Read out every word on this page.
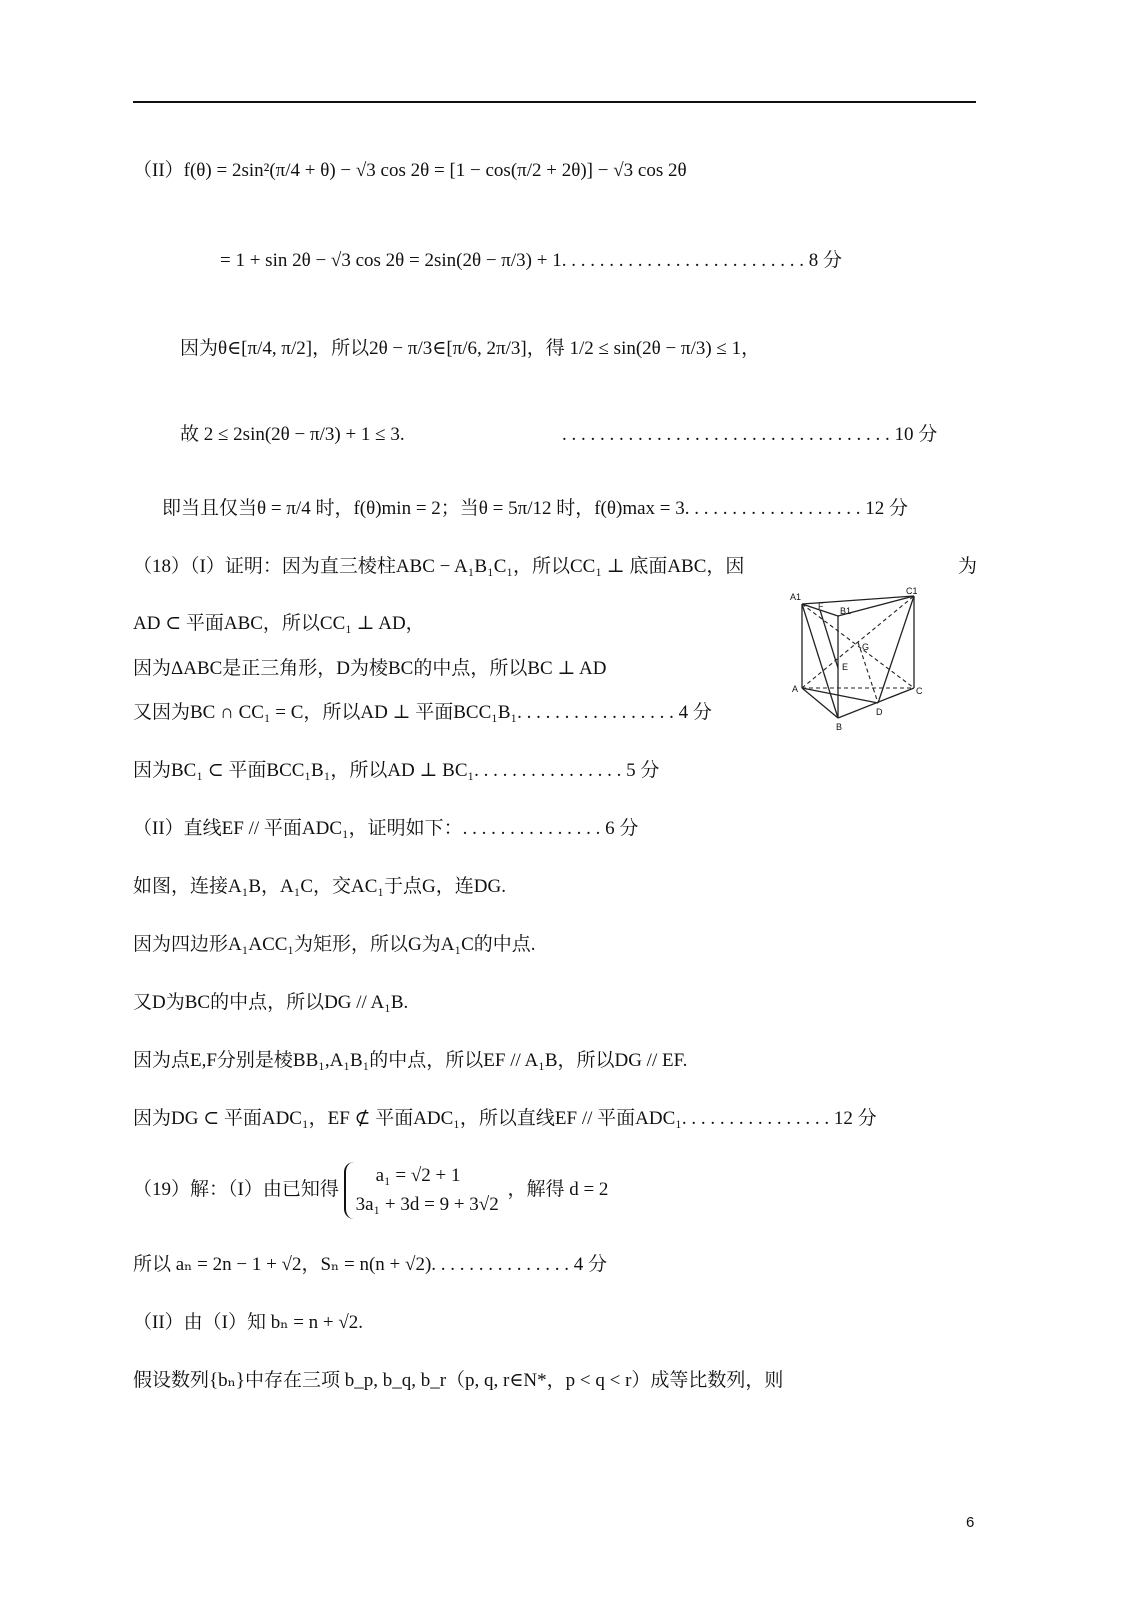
（II）f(θ) = 2sin²(π/4 + θ) − √3 cos 2θ = [1 − cos(π/2 + 2θ)] − √3 cos 2θ
= 1 + sin 2θ − √3 cos 2θ = 2sin(2θ − π/3) + 1. . . . . . . . . . . . . . . . . . . . . . . . . . 8 分
因为θ∈[π/4, π/2]，所以2θ − π/3∈[π/6, 2π/3]，得 1/2 ≤ sin(2θ − π/3) ≤ 1，
故 2 ≤ 2sin(2θ − π/3) + 1 ≤ 3.	. . . . . . . . . . . . . . . . . . . . . . . . . . . . . . . . . . . 10 分
即当且仅当θ = π/4 时，f(θ)min = 2；当θ = 5π/12 时，f(θ)max = 3. . . . . . . . . . . . . . . . . . . 12 分
（18）（I）证明：因为直三棱柱ABC − A₁B₁C₁，所以CC₁ ⊥ 底面ABC，因	为
AD ⊂ 平面ABC，所以CC₁ ⊥ AD，
因为ΔABC是正三角形，D为棱BC的中点，所以BC ⊥ AD
又因为BC ∩ CC₁ = C，所以AD ⊥ 平面BCC₁B₁. . . . . . . . . . . . . . . . . 4 分
因为BC₁ ⊂ 平面BCC₁B₁，所以AD ⊥ BC₁. . . . . . . . . . . . . . . . 5 分
（II）直线EF // 平面ADC₁，证明如下：. . . . . . . . . . . . . . . 6 分
如图，连接A₁B，A₁C，交AC₁于点G，连DG.
因为四边形A₁ACC₁为矩形，所以G为A₁C的中点.
又D为BC的中点，所以DG // A₁B.
因为点E,F分别是棱BB₁,A₁B₁的中点，所以EF // A₁B，所以DG // EF.
因为DG ⊂ 平面ADC₁，EF ⊄ 平面ADC₁，所以直线EF // 平面ADC₁. . . . . . . . . . . . . . . . 12 分
（19）解：（I）由已知得
a₁ = √2 + 1
3a₁ + 3d = 9 + 3√2
，解得 d = 2
所以 aₙ = 2n − 1 + √2，Sₙ = n(n + √2). . . . . . . . . . . . . . . 4 分
（II）由（I）知 bₙ = n + √2.
假设数列{bₙ}中存在三项 b_p, b_q, b_r（p, q, r∈N*，p < q < r）成等比数列，则
A1
F B1
C1
G
E
A	C
D
B
6
